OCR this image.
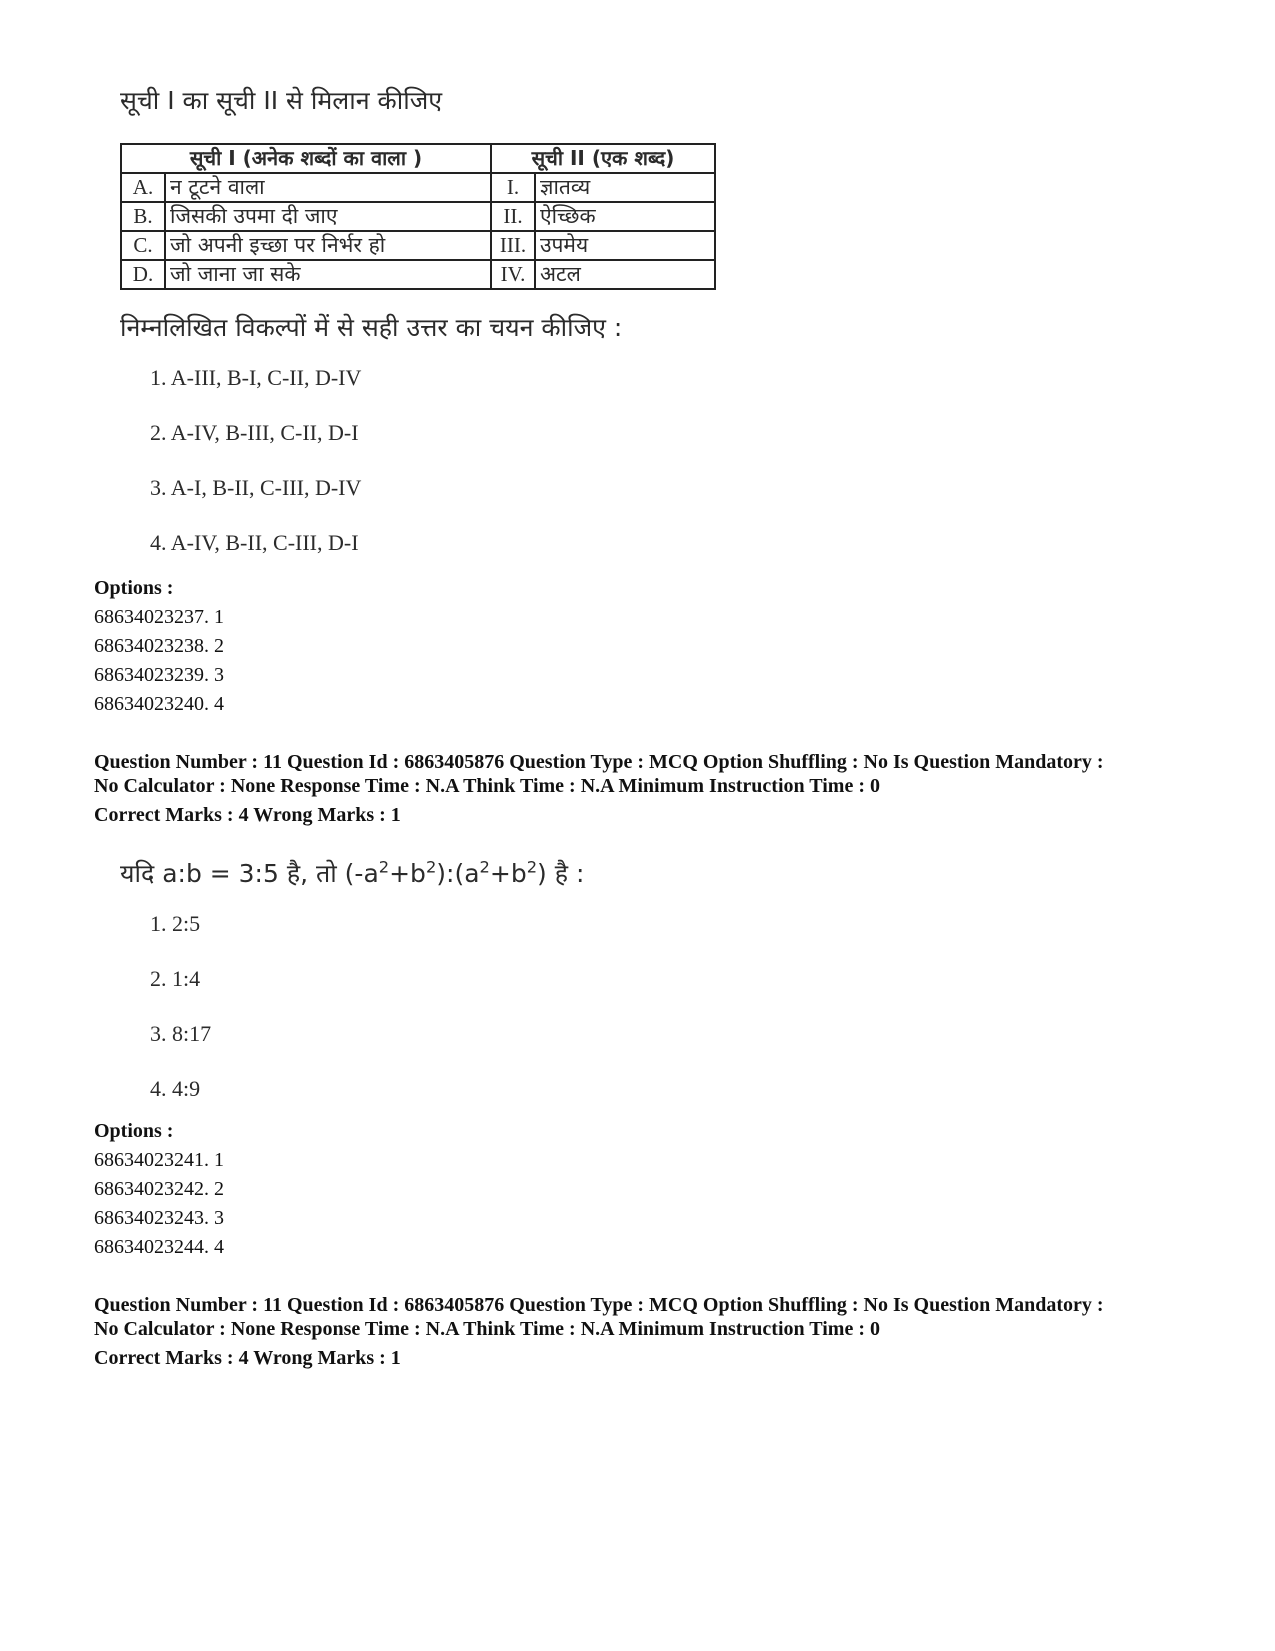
सूची I का सूची II से मिलान कीजिए
सूची I (अनेक शब्दों का वाला )		सूची II (एक शब्द)	
A.	न टूटने वाला	I.	ज्ञातव्य
B.	जिसकी उपमा दी जाए	II.	ऐच्छिक
C.	जो अपनी इच्छा पर निर्भर हो	III.	उपमेय
D.	जो जाना जा सके	IV.	अटल
निम्नलिखित विकल्पों में से सही उत्तर का चयन कीजिए :
1. A-III, B-I, C-II, D-IV
2. A-IV, B-III, C-II, D-I
3. A-I, B-II, C-III, D-IV
4. A-IV, B-II, C-III, D-I
Options :
68634023237. 1
68634023238. 2
68634023239. 3
68634023240. 4
Question Number : 11 Question Id : 6863405876 Question Type : MCQ Option Shuffling : No Is Question Mandatory :
No Calculator : None Response Time : N.A Think Time : N.A Minimum Instruction Time : 0
Correct Marks : 4 Wrong Marks : 1
यदि a:b = 3:5 है, तो $(-a^2+b^2):(a^2+b^2)$ है :
1. 2:5
2. 1:4
3. 8:17
4. 4:9
Options :
68634023241. 1
68634023242. 2
68634023243. 3
68634023244. 4
Question Number : 11 Question Id : 6863405876 Question Type : MCQ Option Shuffling : No Is Question Mandatory :
No Calculator : None Response Time : N.A Think Time : N.A Minimum Instruction Time : 0
Correct Marks : 4 Wrong Marks : 1
